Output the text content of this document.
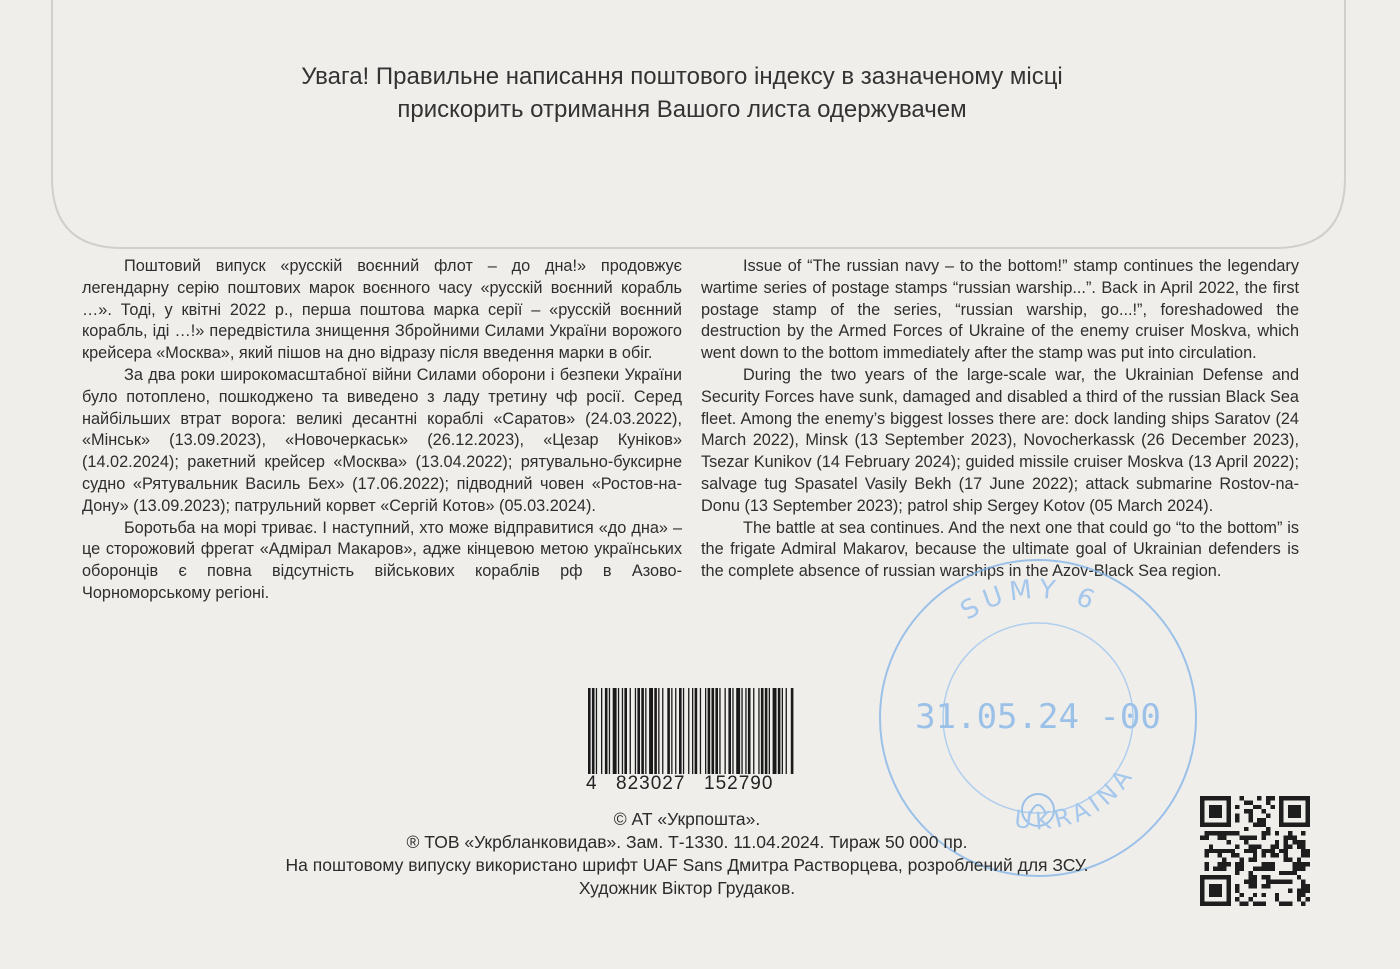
Увага! Правильне написання поштового індексу в зазначеному місці
прискорить отримання Вашого листа одержувачем

Поштовий випуск «русскій воєнний флот – до дна!» продовжує легендарну серію поштових марок воєнного часу «русскій воєнний корабль …». Тоді, у квітні 2022 р., перша поштова марка серії – «русскій воєнний корабль, іді …!» передвістила знищення Збройними Силами України ворожого крейсера «Москва», який пішов на дно відразу після введення марки в обіг.

За два роки широкомасштабної війни Силами оборони і безпеки України було потоплено, пошкоджено та виведено з ладу третину чф росії. Серед найбільших втрат ворога: великі десантні кораблі «Саратов» (24.03.2022), «Мінськ» (13.09.2023), «Новочеркаськ» (26.12.2023), «Цезар Куніков» (14.02.2024); ракетний крейсер «Москва» (13.04.2022); рятувально-буксирне судно «Рятувальник Василь Бех» (17.06.2022); підводний човен «Ростов-на-Дону» (13.09.2023); патрульний корвет «Сергій Котов» (05.03.2024).

Боротьба на морі триває. І наступний, хто може відправитися «до дна» – це сторожовий фрегат «Адмірал Макаров», адже кінцевою метою українських оборонців є повна відсутність військових кораблів рф в Азово-Чорноморському регіоні.

Issue of “The russian navy – to the bottom!” stamp continues the legendary wartime series of postage stamps “russian warship...”. Back in April 2022, the first postage stamp of the series, “russian warship, go...!”, foreshadowed the destruction by the Armed Forces of Ukraine of the enemy cruiser Moskva, which went down to the bottom immediately after the stamp was put into circulation.

During the two years of the large-scale war, the Ukrainian Defense and Security Forces have sunk, damaged and disabled a third of the russian Black Sea fleet. Among the enemy’s biggest losses there are: dock landing ships Saratov (24 March 2022), Minsk (13 September 2023), Novocherkassk (26 December 2023), Tsezar Kunikov (14 February 2024); guided missile cruiser Moskva (13 April 2022); salvage tug Spasatel Vasily Bekh (17 June 2022); attack submarine Rostov-na-Donu (13 September 2023); patrol ship Sergey Kotov (05 March 2024).

The battle at sea continues. And the next one that could go “to the bottom” is the frigate Admiral Makarov, because the ultimate goal of Ukrainian defenders is the complete absence of russian warships in the Azov-Black Sea region.

SUMY 6
31.05.24 -00
UKRAINA
4 823027 152790
© АТ «Укрпошта».
® ТОВ «Укрбланковидав». Зам. Т-1330. 11.04.2024. Тираж 50 000 пр.
На поштовому випуску використано шрифт UAF Sans Дмитра Растворцева, розроблений для ЗСУ.
Художник Віктор Грудаков.
